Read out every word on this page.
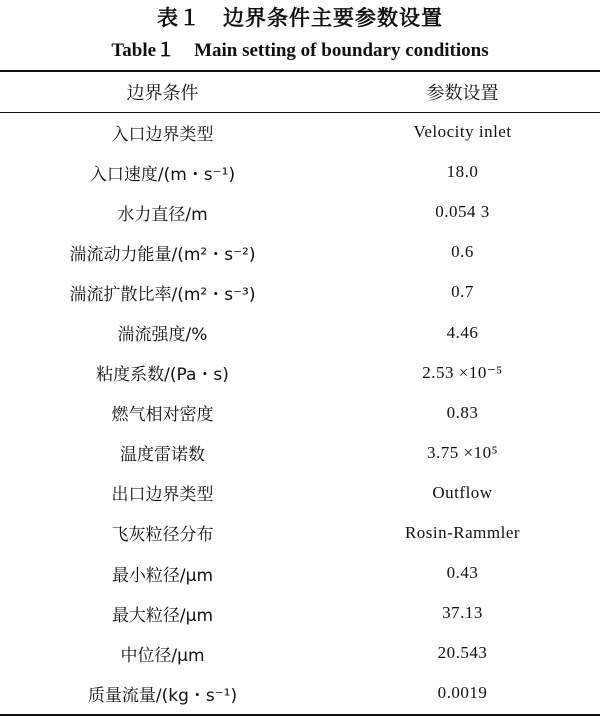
表１　边界条件主要参数设置
Table１　Main setting of boundary conditions
边界条件	参数设置
入口边界类型	Velocity inlet
入口速度/(m・s⁻¹)	18.0
水力直径/m	0.054 3
湍流动力能量/(m²・s⁻²)	0.6
湍流扩散比率/(m²・s⁻³)	0.7
湍流强度/%	4.46
粘度系数/(Pa・s)	2.53 ×10⁻⁵
燃气相对密度	0.83
温度雷诺数	3.75 ×10⁵
出口边界类型	Outflow
飞灰粒径分布	Rosin-Rammler
最小粒径/μm	0.43
最大粒径/μm	37.13
中位径/μm	20.543
质量流量/(kg・s⁻¹)	0.0019
